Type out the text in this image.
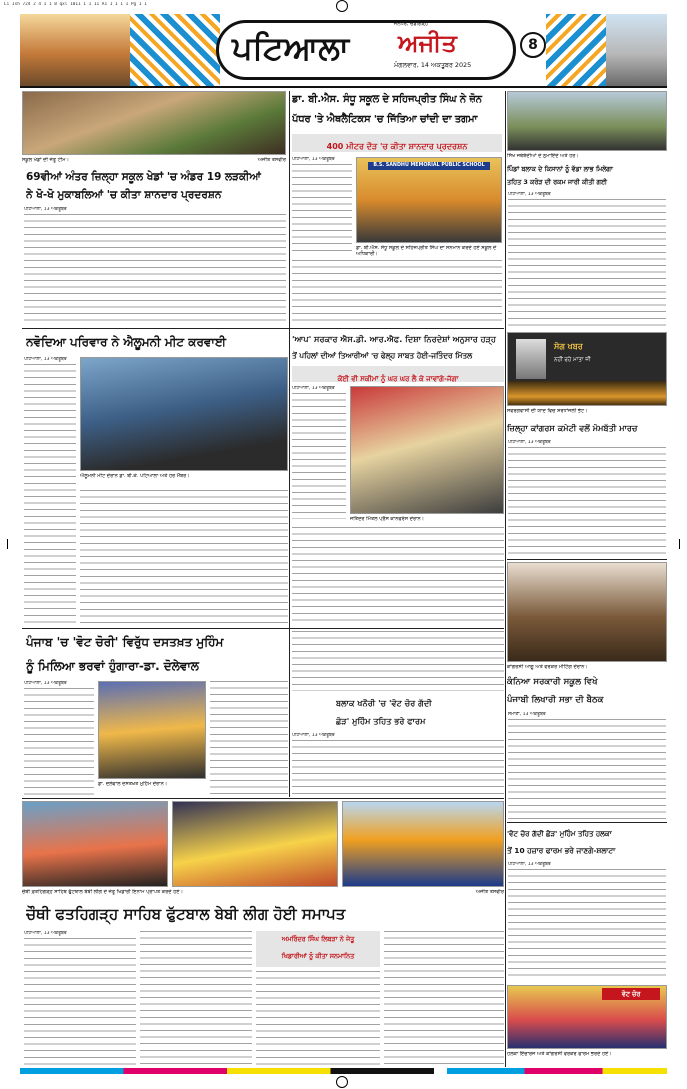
Li Ish 724 2 4 1 1 8 qxl 1011 1 1 11 A1 1 1 1 1 Pg 1 1
ਪਟਿਆਲਾ	ਅਜੀਤ
ਜਲੰਧਰ, ਚੰਡੀਗੜ੍ਹ
ਮੰਗਲਵਾਰ, 14 ਅਕਤੂਬਰ 2025
8
ਸਕੂਲ ਖੇਡਾਂ ਦੀ ਜੇਤੂ ਟੀਮ।	ਅਜੀਤ ਤਸਵੀਰ
69ਵੀਆਂ ਅੰਤਰ ਜ਼ਿਲ੍ਹਾ ਸਕੂਲ ਖੇਡਾਂ 'ਚ ਅੰਡਰ 19 ਲੜਕੀਆਂ
ਨੇ ਖੋ-ਖੋ ਮੁਕਾਬਲਿਆਂ 'ਚ ਕੀਤਾ ਸ਼ਾਨਦਾਰ ਪ੍ਰਦਰਸ਼ਨ
ਪਟਿਆਲਾ, 13 ਅਕਤੂਬਰ
ਡਾ. ਬੀ.ਐਸ. ਸੰਧੂ ਸਕੂਲ ਦੇ ਸਹਿਜਪ੍ਰੀਤ ਸਿੰਘ ਨੇ ਜ਼ੋਨ
ਪੱਧਰ 'ਤੇ ਐਥਲੈਟਿਕਸ 'ਚ ਜਿੱਤਿਆ ਚਾਂਦੀ ਦਾ ਤਗਮਾ
400 ਮੀਟਰ ਦੌੜ 'ਚ ਕੀਤਾ ਸ਼ਾਨਦਾਰ ਪ੍ਰਦਰਸ਼ਨ
ਪਟਿਆਲਾ, 13 ਅਕਤੂਬਰ
B.S. SANDHU MEMORIAL PUBLIC SCHOOL
ਡਾ. ਬੀ.ਐਸ. ਸੰਧੂ ਸਕੂਲ ਦੇ ਸਹਿਜਪ੍ਰੀਤ ਸਿੰਘ ਦਾ ਸਨਮਾਨ ਕਰਦੇ ਹੋਏ ਸਕੂਲ ਦੇ ਅਧਿਕਾਰੀ।
ਸਿੱਖ ਜਥੇਬੰਦੀਆਂ ਦੇ ਨੁਮਾਇੰਦੇ ਅਤੇ ਹੋਰ।
ਪਿੰਡਾਂ ਬਲਾਕ ਦੇ ਕਿਸਾਨਾਂ ਨੂੰ ਵੱਡਾ ਲਾਭ ਮਿਲੇਗਾ
ਤਹਿਤ 3 ਕਰੋੜ ਦੀ ਰਕਮ ਜਾਰੀ ਕੀਤੀ ਗਈ
ਪਟਿਆਲਾ, 13 ਅਕਤੂਬਰ
ਸੋਗ ਖਬਰ
ਨਹੀਂ ਰਹੇ ਮਾਤਾ ਜੀ
ਸਵਰਗਵਾਸੀ ਦੀ ਯਾਦ ਵਿਚ ਸ਼ਰਧਾਂਜਲੀ ਭੇਟ।
ਜ਼ਿਲ੍ਹਾ ਕਾਂਗਰਸ ਕਮੇਟੀ ਵਲੋਂ ਮੋਮਬੱਤੀ ਮਾਰਚ
ਪਟਿਆਲਾ, 13 ਅਕਤੂਬਰ
ਨਵੋਦਿਆ ਪਰਿਵਾਰ ਨੇ ਐਲੂਮਨੀ ਮੀਟ ਕਰਵਾਈ
ਪਟਿਆਲਾ, 13 ਅਕਤੂਬਰ
ਐਲੂਮਨੀ ਮੀਟ ਦੌਰਾਨ ਡਾ. ਬੀ.ਕੇ. ਪਟਿਆਲਾ ਅਤੇ ਹੋਰ ਮੈਂਬਰ।
'ਆਪ' ਸਰਕਾਰ ਐਸ.ਡੀ. ਆਰ.ਐਫ. ਦਿਸ਼ਾ ਨਿਰਦੇਸ਼ਾਂ ਅਨੁਸਾਰ ਹੜ੍ਹ
ਤੋਂ ਪਹਿਲਾਂ ਦੀਆਂ ਤਿਆਰੀਆਂ 'ਚ ਫੇਲ੍ਹ ਸਾਬਤ ਹੋਈ-ਜਤਿੰਦਰ ਮਿੱਤਲ
ਕੋਈ ਵੀ ਸਕੀਮਾਂ ਨੂੰ ਘਰ ਘਰ ਲੈ ਕੇ ਜਾਵਾਂਗੇ-ਜੱਗਾ
ਪਟਿਆਲਾ, 13 ਅਕਤੂਬਰ
ਜਤਿੰਦਰ ਮਿੱਤਲ ਪ੍ਰੈਸ ਕਾਨਫਰੰਸ ਦੌਰਾਨ।
ਪੰਜਾਬ 'ਚ 'ਵੋਟ ਚੋਰੀ' ਵਿਰੁੱਧ ਦਸਤਖ਼ਤ ਮੁਹਿੰਮ
ਨੂੰ ਮਿਲਿਆ ਭਰਵਾਂ ਹੁੰਗਾਰਾ-ਡਾ. ਦੋਲੇਵਾਲ
ਪਟਿਆਲਾ, 13 ਅਕਤੂਬਰ
ਡਾ. ਦੋਲੇਵਾਲ ਦਸਤਖ਼ਤ ਮੁਹਿੰਮ ਦੌਰਾਨ।
ਬਲਾਕ ਖਨੌਰੀ 'ਚ 'ਵੋਟ ਚੋਰ ਗੱਦੀ
ਛੋੜ' ਮੁਹਿੰਮ ਤਹਿਤ ਭਰੇ ਫਾਰਮ
ਪਟਿਆਲਾ, 13 ਅਕਤੂਬਰ
ਕਾਂਗਰਸੀ ਆਗੂ ਅਤੇ ਵਰਕਰ ਮੀਟਿੰਗ ਦੌਰਾਨ।
ਕੰਨਿਆ ਸਰਕਾਰੀ ਸਕੂਲ ਵਿਖੇ
ਪੰਜਾਬੀ ਲਿਖਾਰੀ ਸਭਾ ਦੀ ਬੈਠਕ
ਸਮਾਣਾ, 13 ਅਕਤੂਬਰ
ਚੌਥੀ ਫ਼ਤਹਿਗੜ੍ਹ ਸਾਹਿਬ ਫੁੱਟਬਾਲ ਬੇਬੀ ਲੀਗ ਦੇ ਜੇਤੂ ਖਿਡਾਰੀ ਇਨਾਮ ਪ੍ਰਾਪਤ ਕਰਦੇ ਹੋਏ।	ਅਜੀਤ ਤਸਵੀਰ
ਚੌਥੀ ਫਤਹਿਗੜ੍ਹ ਸਾਹਿਬ ਫੁੱਟਬਾਲ ਬੇਬੀ ਲੀਗ ਹੋਈ ਸਮਾਪਤ
ਪਟਿਆਲਾ, 13 ਅਕਤੂਬਰ
ਅਮਰਿੰਦਰ ਸਿੰਘ ਲਿਬੜਾ ਨੇ ਜੇਤੂ
ਖਿਡਾਰੀਆਂ ਨੂੰ ਕੀਤਾ ਸਨਮਾਨਿਤ
'ਵੋਟ ਚੋਰ ਗੱਦੀ ਛੋੜ' ਮੁਹਿੰਮ ਤਹਿਤ ਹਲਕਾ
ਤੋਂ 10 ਹਜ਼ਾਰ ਫਾਰਮ ਭਰੇ ਜਾਣਗੇ-ਸ਼ਲਾਟਾ
ਪਟਿਆਲਾ, 13 ਅਕਤੂਬਰ
ਵੋਟ ਚੋਰ
ਹਲਕਾ ਇੰਚਾਰਜ ਅਤੇ ਕਾਂਗਰਸੀ ਵਰਕਰ ਫਾਰਮ ਭਰਦੇ ਹੋਏ।
